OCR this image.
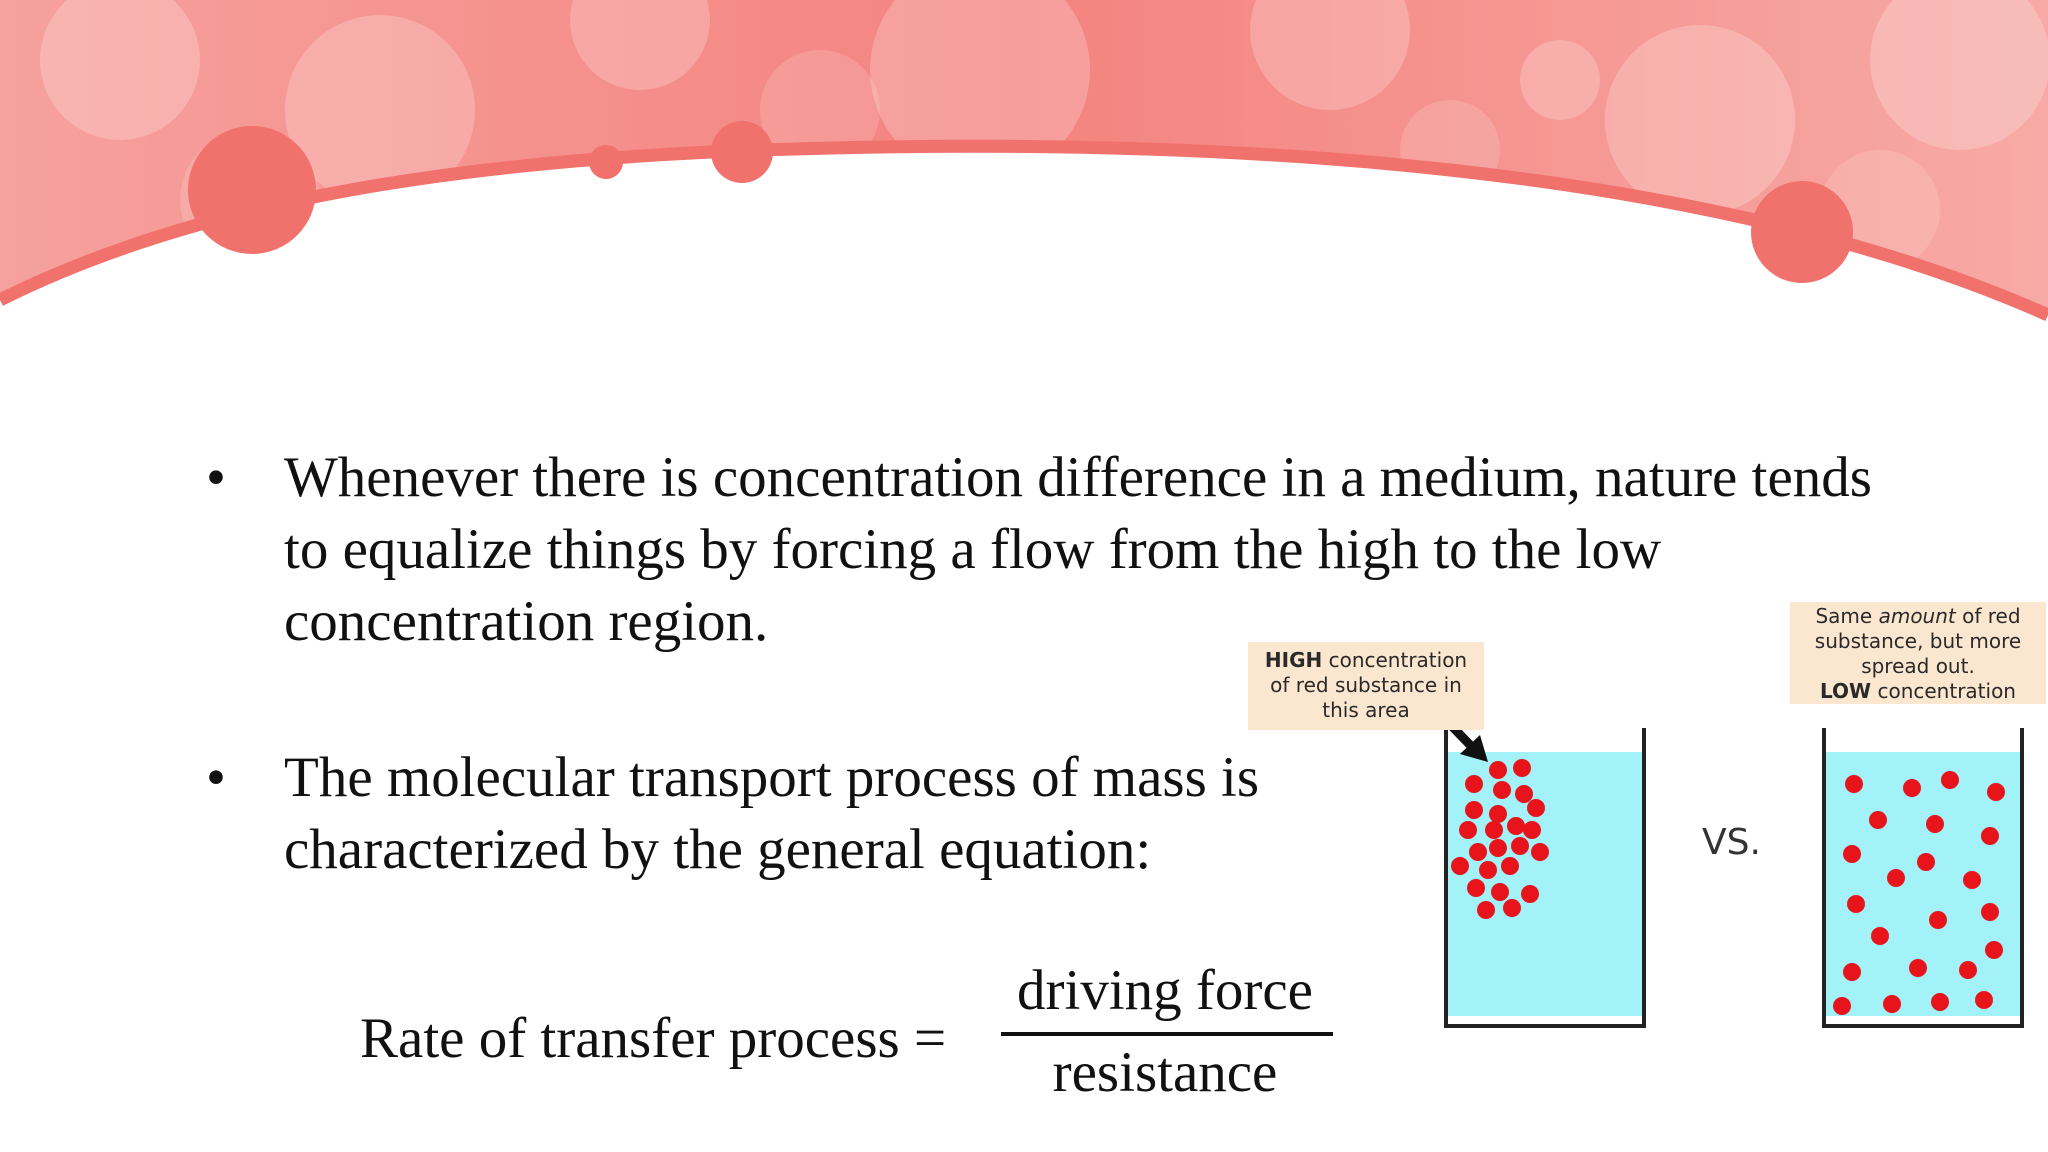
• Whenever there is concentration difference in a medium, nature tends to equalize things by forcing a flow from the high to the low concentration region.
• The molecular transport process of mass is characterized by the general equation:
Rate of transfer process =
driving force
resistance
HIGH concentration
of red substance in
this area
Same amount of red
substance, but more
spread out.
LOW concentration
VS.
